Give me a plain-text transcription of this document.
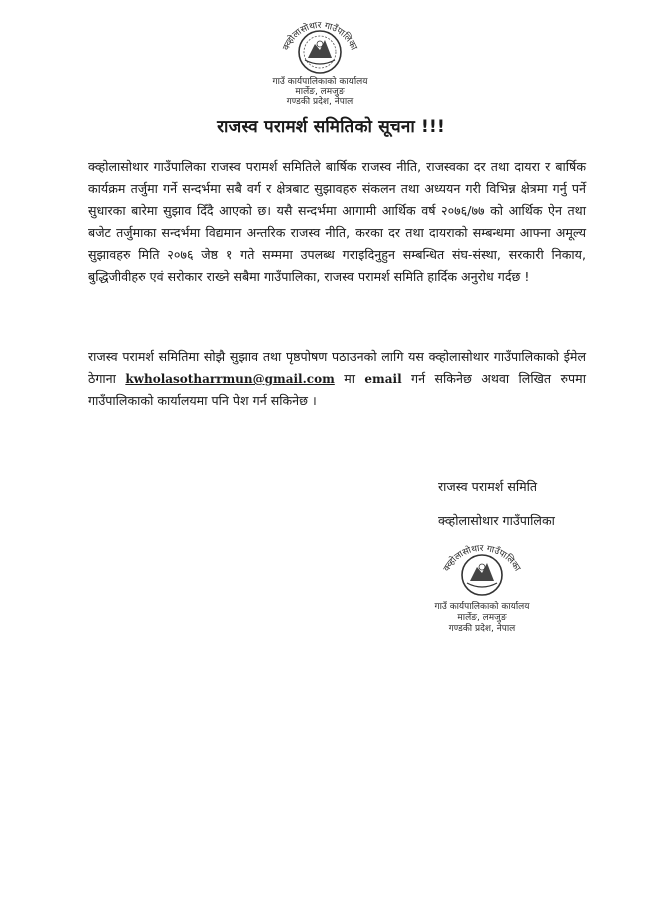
क्व्होलासोथार गाउँपालिका
गाउँ कार्यपालिकाको कार्यालय
मार्लेङ, लमजुङ
गण्डकी प्रदेश, नेपाल
राजस्व परामर्श समितिको सूचना !!!

क्व्होलासोथार गाउँपालिका राजस्व परामर्श समितिले बार्षिक राजस्व नीति, राजस्वका दर तथा दायरा र बार्षिक कार्यक्रम तर्जुमा गर्ने सन्दर्भमा सबै वर्ग र क्षेत्रबाट सुझावहरु संकलन तथा अध्ययन गरी विभिन्न क्षेत्रमा गर्नु पर्ने सुधारका बारेमा सुझाव दिँदै आएको छ। यसै सन्दर्भमा आगामी आर्थिक वर्ष २०७६/७७ को आर्थिक ऐन तथा बजेट तर्जुमाका सन्दर्भमा विद्यमान अन्तरिक राजस्व नीति, करका दर तथा दायराको सम्बन्धमा आफ्ना अमूल्य सुझावहरु मिति २०७६ जेष्ठ १ गते सम्ममा उपलब्ध गराइदिनुहुन सम्बन्धित संघ-संस्था, सरकारी निकाय, बुद्धिजीवीहरु एवं सरोकार राख्ने सबैमा गाउँपालिका, राजस्व परामर्श समिति हार्दिक अनुरोध गर्दछ !

राजस्व परामर्श समितिमा सोझै सुझाव तथा पृष्ठपोषण पठाउनको लागि यस क्व्होलासोथार गाउँपालिकाको ईमेल ठेगाना kwholasotharrmun@gmail.com मा email गर्न सकिनेछ अथवा लिखित रुपमा गाउँपालिकाको कार्यालयमा पनि पेश गर्न सकिनेछ ।

राजस्व परामर्श समिति
क्व्होलासोथार गाउँपालिका
क्व्होलासोथार गाउँपालिका
गाउँ कार्यपालिकाको कार्यालय
मार्लेङ, लमजुङ
गण्डकी प्रदेश, नेपाल
